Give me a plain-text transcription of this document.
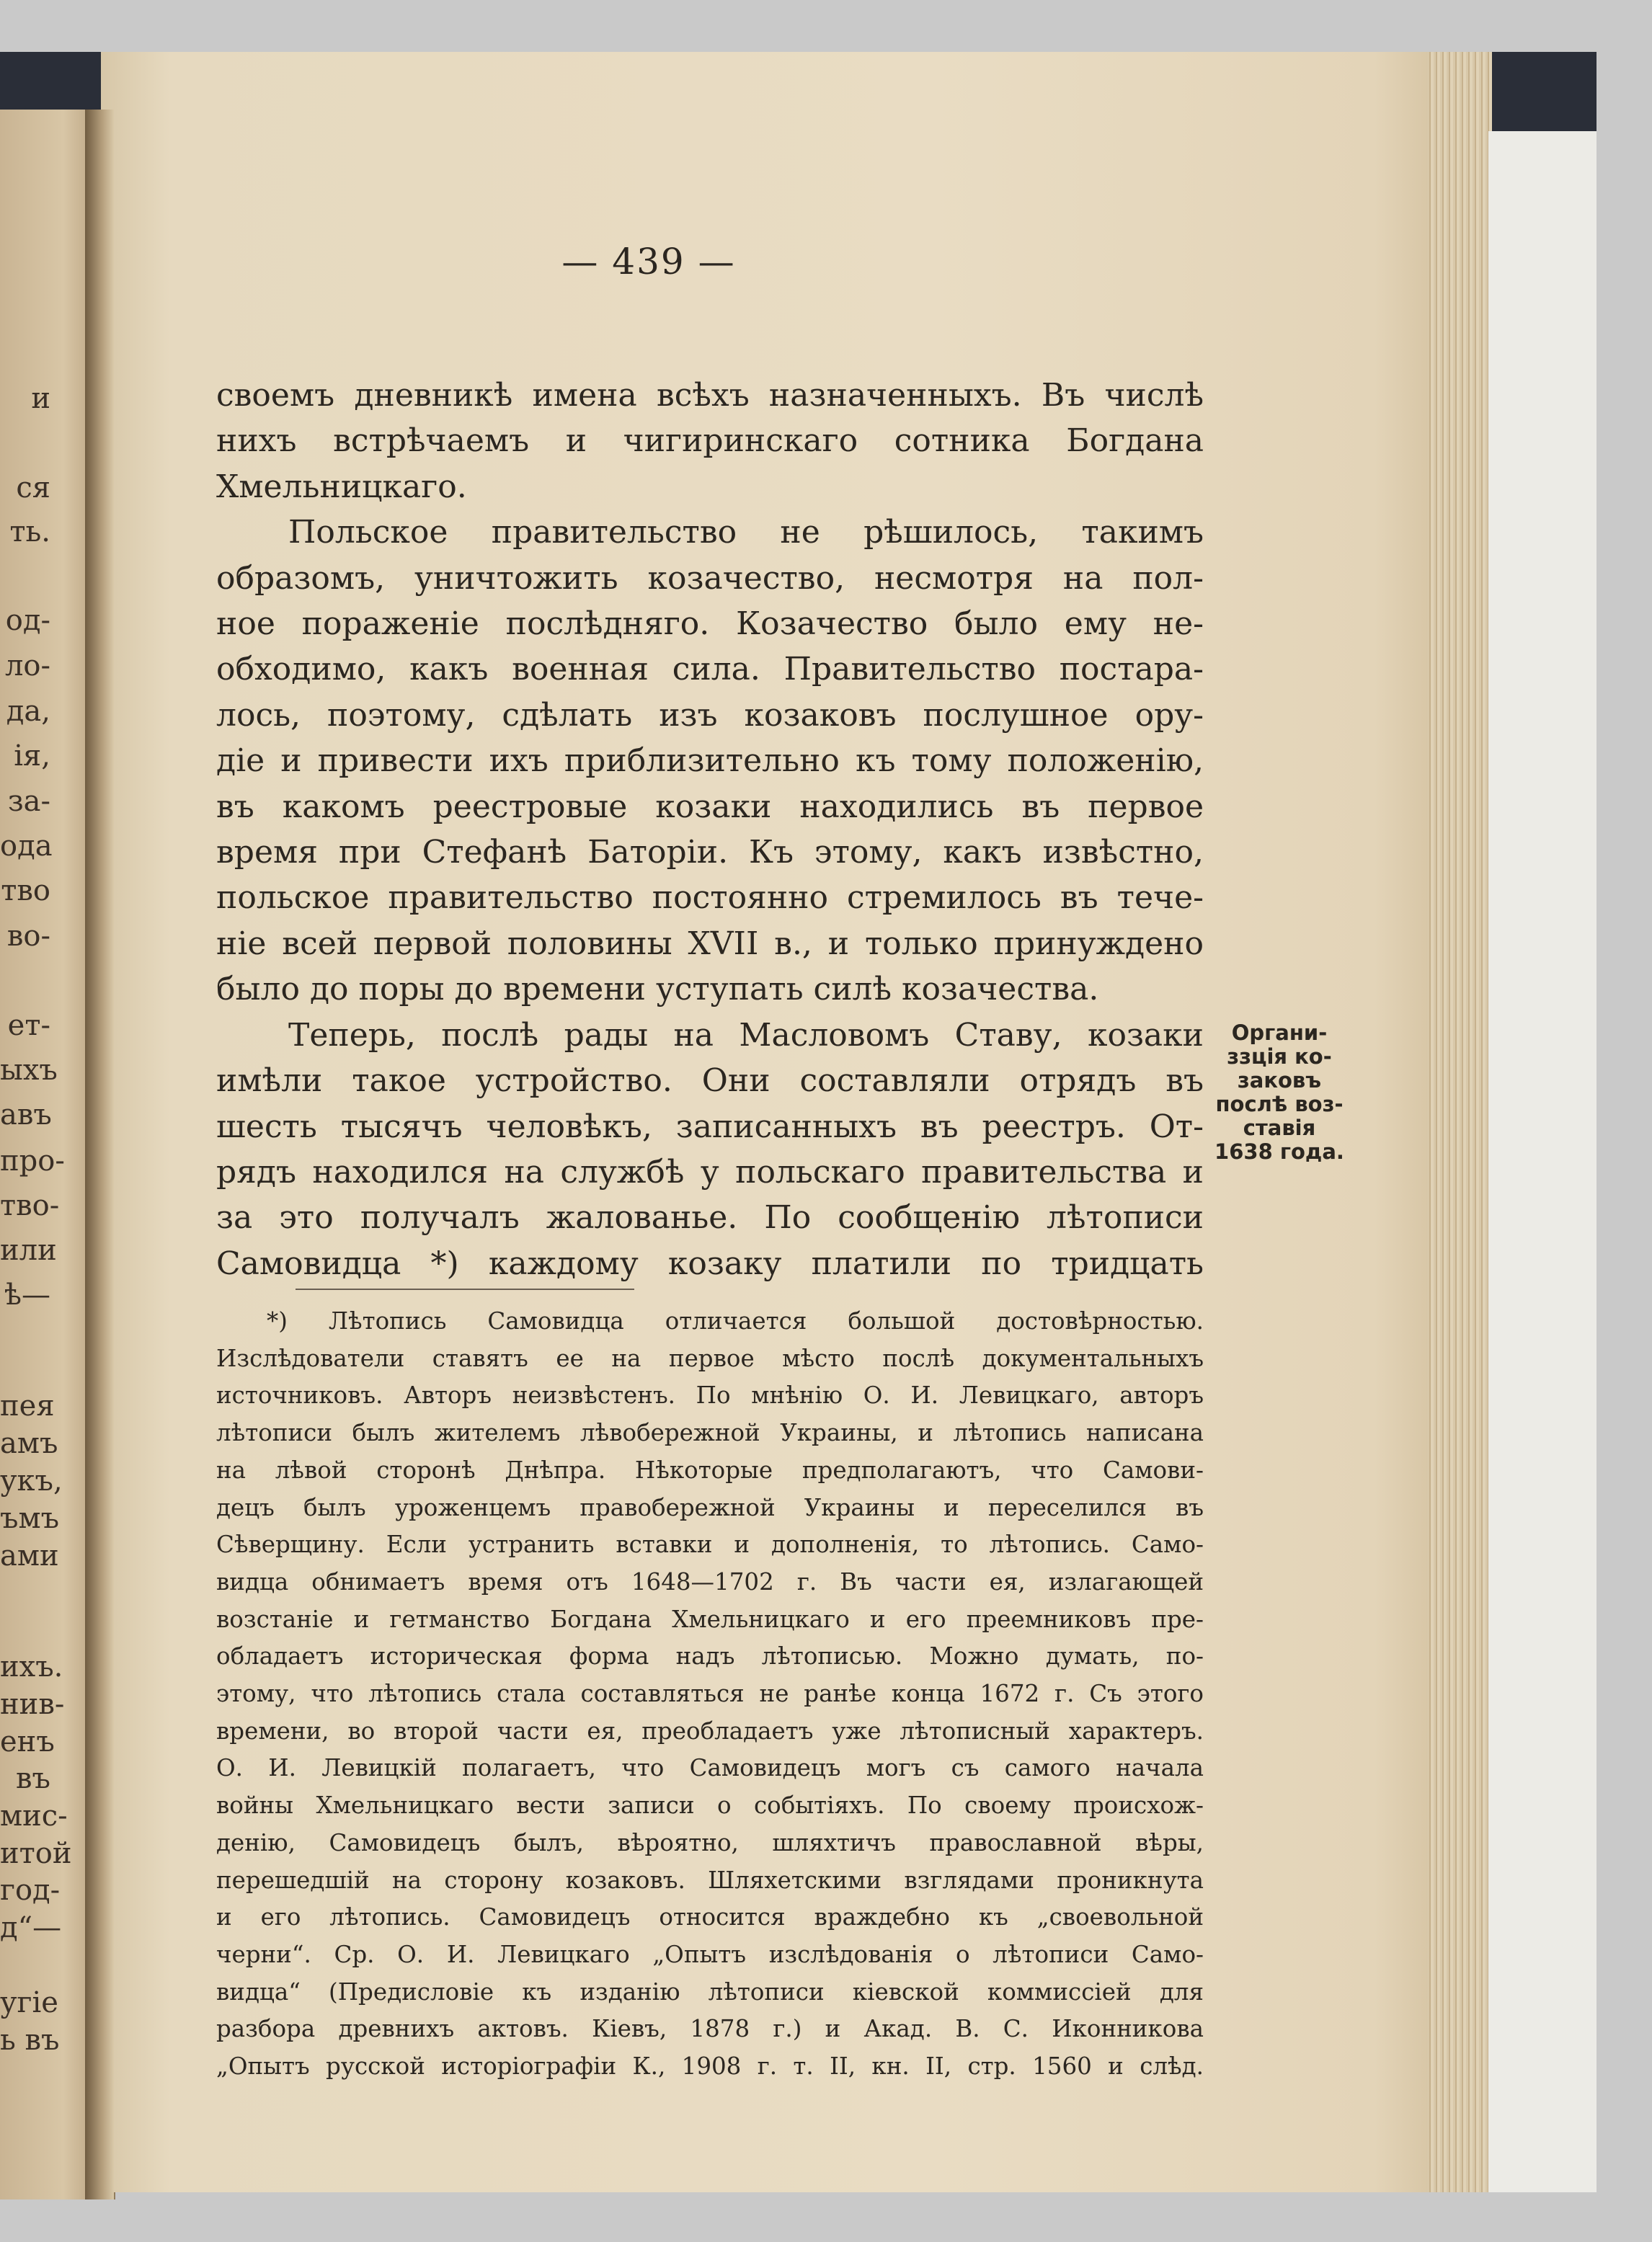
и
ся
ть.
од-
ло-
да,
ія,
за-
ода
тво
во-
ет-
ыхъ
авъ
про-
тво-
или
ѣ—
пея
амъ
укъ,
ъмъ
ами
ихъ.
нив-
енъ
въ
мис-
итой
год-
д“—
угіе
ь въ
— 439 —
своемъ дневникѣ имена всѣхъ назначенныхъ. Въ числѣ
нихъ встрѣчаемъ и чигиринскаго сотника Богдана
Хмельницкаго.
Польское правительство не рѣшилось, такимъ
образомъ, уничтожить козачество, несмотря на пол-
ное пораженіе послѣдняго. Козачество было ему не-
обходимо, какъ военная сила. Правительство постара-
лось, поэтому, сдѣлать изъ козаковъ послушное ору-
діе и привести ихъ приблизительно къ тому положенію,
въ какомъ реестровые козаки находились въ первое
время при Стефанѣ Баторіи. Къ этому, какъ извѣстно,
польское правительство постоянно стремилось въ тече-
ніе всей первой половины XVII в., и только принуждено
было до поры до времени уступать силѣ козачества.
Теперь, послѣ рады на Масловомъ Ставу, козаки
имѣли такое устройство. Они составляли отрядъ въ
шесть тысячъ человѣкъ, записанныхъ въ реестръ. От-
рядъ находился на службѣ у польскаго правительства и
за это получалъ жалованье. По сообщенію лѣтописи
Самовидца *) каждому козаку платили по тридцать
Органи-
ззція ко-
заковъ
послѣ воз-
ставія
1638 года.
*) Лѣтопись Самовидца отличается большой достовѣрностью.
Изслѣдователи ставятъ ее на первое мѣсто послѣ документальныхъ
источниковъ. Авторъ неизвѣстенъ. По мнѣнію О. И. Левицкаго, авторъ
лѣтописи былъ жителемъ лѣвобережной Украины, и лѣтопись написана
на лѣвой сторонѣ Днѣпра. Нѣкоторые предполагаютъ, что Самови-
децъ былъ уроженцемъ правобережной Украины и переселился въ
Сѣверщину. Если устранить вставки и дополненія, то лѣтопись. Само-
видца обнимаетъ время отъ 1648—1702 г. Въ части ея, излагающей
возстаніе и гетманство Богдана Хмельницкаго и его преемниковъ пре-
обладаетъ историческая форма надъ лѣтописью. Можно думать, по-
этому, что лѣтопись стала составляться не ранѣе конца 1672 г. Съ этого
времени, во второй части ея, преобладаетъ уже лѣтописный характеръ.
О. И. Левицкій полагаетъ, что Самовидецъ могъ съ самого начала
войны Хмельницкаго вести записи о событіяхъ. По своему происхож-
денію, Самовидецъ былъ, вѣроятно, шляхтичъ православной вѣры,
перешедшій на сторону козаковъ. Шляхетскими взглядами проникнута
и его лѣтопись. Самовидецъ относится враждебно къ „своевольной
черни“. Ср. О. И. Левицкаго „Опытъ изслѣдованія о лѣтописи Само-
видца“ (Предисловіе къ изданію лѣтописи кіевской коммиссіей для
разбора древнихъ актовъ. Кіевъ, 1878 г.) и Акад. В. С. Иконникова
„Опытъ русской исторіографіи К., 1908 г. т. II, кн. II, стр. 1560 и слѣд.
